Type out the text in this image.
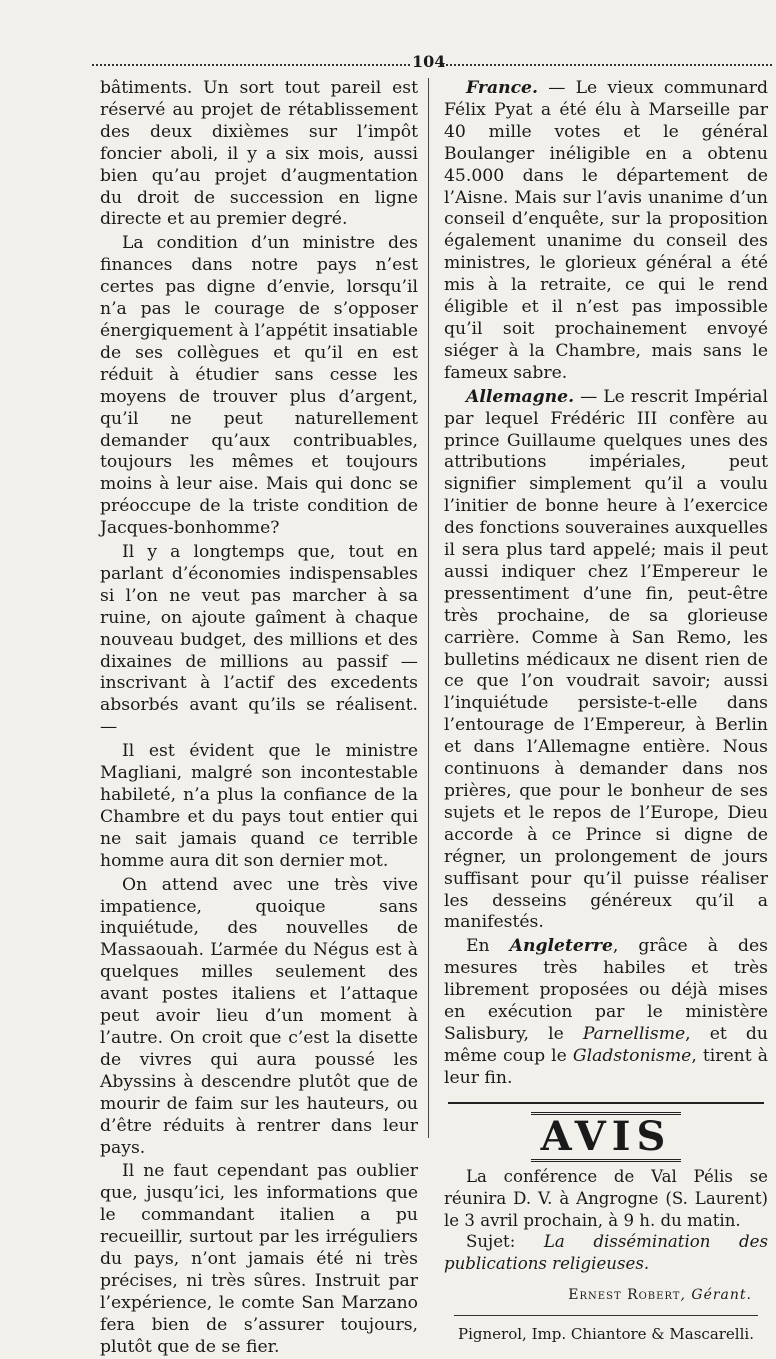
104

bâtiments. Un sort tout pareil est réservé au projet de rétablissement des deux dixièmes sur l’impôt foncier aboli, il y a six mois, aussi bien qu’au projet d’augmentation du droit de succession en ligne directe et au premier degré.

La condition d’un ministre des finances dans notre pays n’est certes pas digne d’envie, lorsqu’il n’a pas le courage de s’opposer énergiquement à l’appétit insatiable de ses collègues et qu’il en est réduit à étudier sans cesse les moyens de trouver plus d’argent, qu’il ne peut naturellement demander qu’aux contribuables, toujours les mêmes et toujours moins à leur aise. Mais qui donc se préoccupe de la triste condition de Jacques-bonhomme?

Il y a longtemps que, tout en parlant d’économies indispensables si l’on ne veut pas marcher à sa ruine, on ajoute gaîment à chaque nouveau budget, des millions et des dixaines de millions au passif — inscrivant à l’actif des excedents absorbés avant qu’ils se réalisent. —

Il est évident que le ministre Magliani, malgré son incontestable habileté, n’a plus la confiance de la Chambre et du pays tout entier qui ne sait jamais quand ce terrible homme aura dit son dernier mot.

On attend avec une très vive impatience, quoique sans inquiétude, des nouvelles de Massaouah. L’armée du Négus est à quelques milles seulement des avant postes italiens et l’attaque peut avoir lieu d’un moment à l’autre. On croit que c’est la disette de vivres qui aura poussé les Abyssins à descendre plutôt que de mourir de faim sur les hauteurs, ou d’être réduits à rentrer dans leur pays.

Il ne faut cependant pas oublier que, jusqu’ici, les informations que le commandant italien a pu recueillir, surtout par les irréguliers du pays, n’ont jamais été ni très précises, ni très sûres. Instruit par l’expérience, le comte San Marzano fera bien de s’assurer toujours, plutôt que de se fier.

France. — Le vieux communard Félix Pyat a été élu à Marseille par 40 mille votes et le général Boulanger inéligible en a obtenu 45.000 dans le département de l’Aisne. Mais sur l’avis unanime d’un conseil d’enquête, sur la proposition également unanime du conseil des ministres, le glorieux général a été mis à la retraite, ce qui le rend éligible et il n’est pas impossible qu’il soit prochainement envoyé siéger à la Chambre, mais sans le fameux sabre.

Allemagne. — Le rescrit Impérial par lequel Frédéric III confère au prince Guillaume quelques unes des attributions impériales, peut signifier simplement qu’il a voulu l’initier de bonne heure à l’exercice des fonctions souveraines auxquelles il sera plus tard appelé; mais il peut aussi indiquer chez l’Empereur le pressentiment d’une fin, peut-être très prochaine, de sa glorieuse carrière. Comme à San Remo, les bulletins médicaux ne disent rien de ce que l’on voudrait savoir; aussi l’inquiétude persiste-t-elle dans l’entourage de l’Empereur, à Berlin et dans l’Allemagne entière. Nous continuons à demander dans nos prières, que pour le bonheur de ses sujets et le repos de l’Europe, Dieu accorde à ce Prince si digne de régner, un prolongement de jours suffisant pour qu’il puisse réaliser les desseins généreux qu’il a manifestés.

En Angleterre, grâce à des mesures très habiles et très librement proposées ou déjà mises en exécution par le ministère Salisbury, le Parnellisme, et du même coup le Gladstonisme, tirent à leur fin.

AVIS

La conférence de Val Pélis se réunira D. V. à Angrogne (S. Laurent) le 3 avril prochain, à 9 h. du matin.

Sujet: La dissémination des publications religieuses.

Ernest Robert, Gérant.
Pignerol, Imp. Chiantore & Mascarelli.
